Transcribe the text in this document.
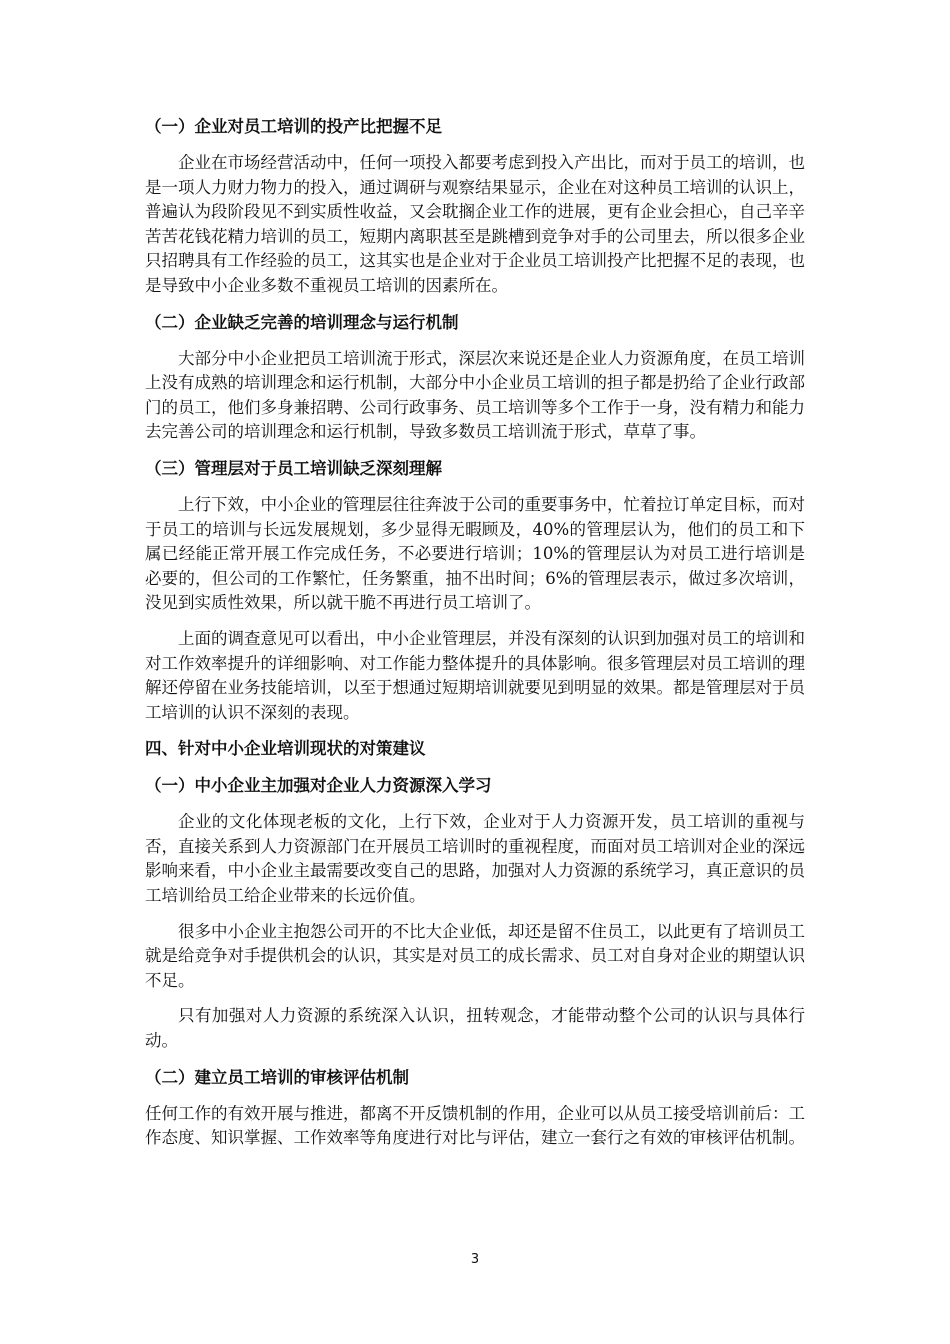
（一）企业对员工培训的投产比把握不足

企业在市场经营活动中，任何一项投入都要考虑到投入产出比，而对于员工的培训，也是一项人力财力物力的投入，通过调研与观察结果显示，企业在对这种员工培训的认识上，普遍认为段阶段见不到实质性收益，又会耽搁企业工作的进展，更有企业会担心，自己辛辛苦苦花钱花精力培训的员工，短期内离职甚至是跳槽到竞争对手的公司里去，所以很多企业只招聘具有工作经验的员工，这其实也是企业对于企业员工培训投产比把握不足的表现，也是导致中小企业多数不重视员工培训的因素所在。

（二）企业缺乏完善的培训理念与运行机制

大部分中小企业把员工培训流于形式，深层次来说还是企业人力资源角度，在员工培训上没有成熟的培训理念和运行机制，大部分中小企业员工培训的担子都是扔给了企业行政部门的员工，他们多身兼招聘、公司行政事务、员工培训等多个工作于一身，没有精力和能力去完善公司的培训理念和运行机制，导致多数员工培训流于形式，草草了事。

（三）管理层对于员工培训缺乏深刻理解

上行下效，中小企业的管理层往往奔波于公司的重要事务中，忙着拉订单定目标，而对于员工的培训与长远发展规划，多少显得无暇顾及，40%的管理层认为，他们的员工和下属已经能正常开展工作完成任务，不必要进行培训；10%的管理层认为对员工进行培训是必要的，但公司的工作繁忙，任务繁重，抽不出时间；6%的管理层表示，做过多次培训，没见到实质性效果，所以就干脆不再进行员工培训了。

上面的调查意见可以看出，中小企业管理层，并没有深刻的认识到加强对员工的培训和对工作效率提升的详细影响、对工作能力整体提升的具体影响。很多管理层对员工培训的理解还停留在业务技能培训，以至于想通过短期培训就要见到明显的效果。都是管理层对于员工培训的认识不深刻的表现。

四、针对中小企业培训现状的对策建议
（一）中小企业主加强对企业人力资源深入学习

企业的文化体现老板的文化，上行下效，企业对于人力资源开发，员工培训的重视与否，直接关系到人力资源部门在开展员工培训时的重视程度，而面对员工培训对企业的深远影响来看，中小企业主最需要改变自己的思路，加强对人力资源的系统学习，真正意识的员工培训给员工给企业带来的长远价值。

很多中小企业主抱怨公司开的不比大企业低，却还是留不住员工，以此更有了培训员工就是给竞争对手提供机会的认识，其实是对员工的成长需求、员工对自身对企业的期望认识不足。

只有加强对人力资源的系统深入认识，扭转观念，才能带动整个公司的认识与具体行动。

（二）建立员工培训的审核评估机制

任何工作的有效开展与推进，都离不开反馈机制的作用，企业可以从员工接受培训前后：工作态度、知识掌握、工作效率等角度进行对比与评估，建立一套行之有效的审核评估机制。

3
